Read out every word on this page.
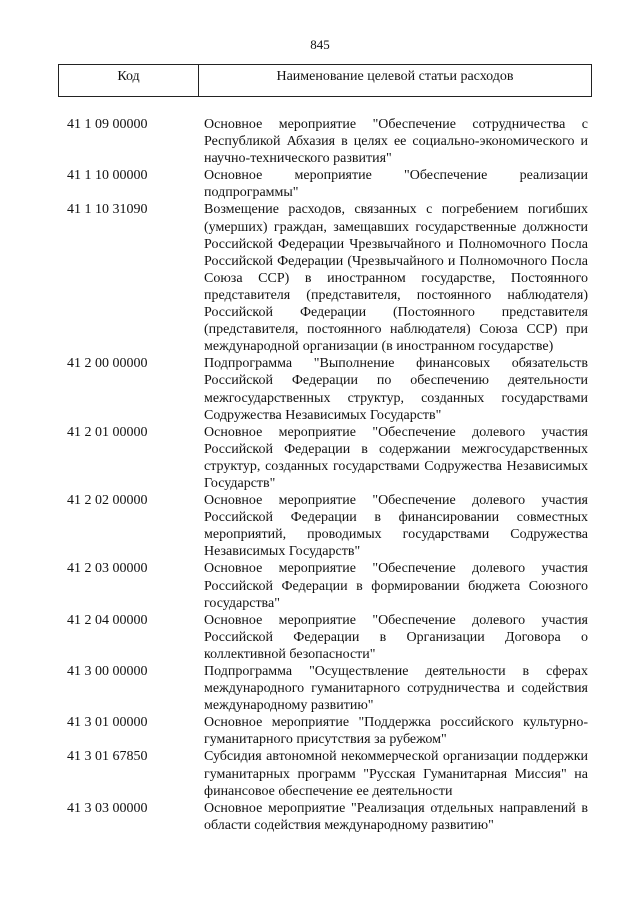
845
Код	Наименование целевой статьи расходов
41 1 09 00000	Основное мероприятие "Обеспечение сотрудничества с Республикой Абхазия в целях ее социально-экономического и научно-технического развития"
41 1 10 00000	Основное мероприятие "Обеспечение реализации подпрограммы"
41 1 10 31090	Возмещение расходов, связанных с погребением погибших (умерших) граждан, замещавших государственные должности Российской Федерации Чрезвычайного и Полномочного Посла Российской Федерации (Чрезвычайного и Полномочного Посла Союза ССР) в иностранном государстве, Постоянного представителя (представителя, постоянного наблюдателя) Российской Федерации (Постоянного представителя (представителя, постоянного наблюдателя) Союза ССР) при международной организации (в иностранном государстве)
41 2 00 00000	Подпрограмма "Выполнение финансовых обязательств Российской Федерации по обеспечению деятельности межгосударственных структур, созданных государствами Содружества Независимых Государств"
41 2 01 00000	Основное мероприятие "Обеспечение долевого участия Российской Федерации в содержании межгосударственных структур, созданных государствами Содружества Независимых Государств"
41 2 02 00000	Основное мероприятие "Обеспечение долевого участия Российской Федерации в финансировании совместных мероприятий, проводимых государствами Содружества Независимых Государств"
41 2 03 00000	Основное мероприятие "Обеспечение долевого участия Российской Федерации в формировании бюджета Союзного государства"
41 2 04 00000	Основное мероприятие "Обеспечение долевого участия Российской Федерации в Организации Договора о коллективной безопасности"
41 3 00 00000	Подпрограмма "Осуществление деятельности в сферах международного гуманитарного сотрудничества и содействия международному развитию"
41 3 01 00000	Основное мероприятие "Поддержка российского культурно-гуманитарного присутствия за рубежом"
41 3 01 67850	Субсидия автономной некоммерческой организации поддержки гуманитарных программ "Русская Гуманитарная Миссия" на финансовое обеспечение ее деятельности
41 3 03 00000	Основное мероприятие "Реализация отдельных направлений в области содействия международному развитию"
